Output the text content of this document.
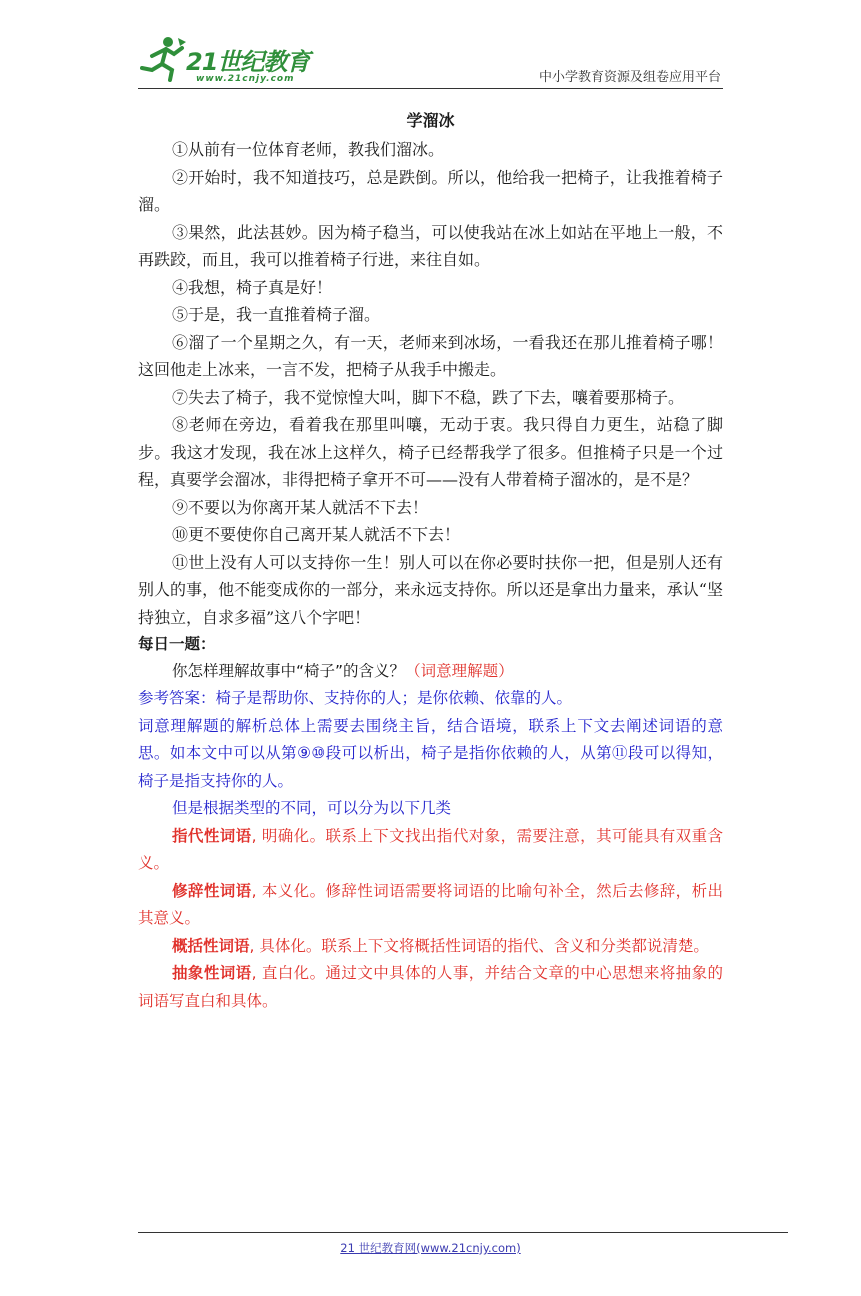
21世纪教育
www.21cnjy.com	中小学教育资源及组卷应用平台
学溜冰

①从前有一位体育老师，教我们溜冰。

②开始时，我不知道技巧，总是跌倒。所以，他给我一把椅子，让我推着椅子溜。

③果然，此法甚妙。因为椅子稳当，可以使我站在冰上如站在平地上一般，不再跌跤，而且，我可以推着椅子行进，来往自如。

④我想，椅子真是好！

⑤于是，我一直推着椅子溜。

⑥溜了一个星期之久，有一天，老师来到冰场，一看我还在那儿推着椅子哪！这回他走上冰来，一言不发，把椅子从我手中搬走。

⑦失去了椅子，我不觉惊惶大叫，脚下不稳，跌了下去，嚷着要那椅子。

⑧老师在旁边，看着我在那里叫嚷，无动于衷。我只得自力更生，站稳了脚步。我这才发现，我在冰上这样久，椅子已经帮我学了很多。但推椅子只是一个过程，真要学会溜冰，非得把椅子拿开不可——没有人带着椅子溜冰的，是不是？

⑨不要以为你离开某人就活不下去！

⑩更不要使你自己离开某人就活不下去！

⑪世上没有人可以支持你一生！别人可以在你必要时扶你一把，但是别人还有别人的事，他不能变成你的一部分，来永远支持你。所以还是拿出力量来，承认“坚持独立，自求多福”这八个字吧！

每日一题：

你怎样理解故事中“椅子”的含义？（词意理解题）

参考答案：椅子是帮助你、支持你的人；是你依赖、依靠的人。

词意理解题的解析总体上需要去围绕主旨，结合语境，联系上下文去阐述词语的意思。如本文中可以从第⑨⑩段可以析出，椅子是指你依赖的人，从第⑪段可以得知，椅子是指支持你的人。

但是根据类型的不同，可以分为以下几类

指代性词语, 明确化。联系上下文找出指代对象，需要注意，其可能具有双重含义。

修辞性词语, 本义化。修辞性词语需要将词语的比喻句补全，然后去修辞，析出其意义。

概括性词语, 具体化。联系上下文将概括性词语的指代、含义和分类都说清楚。

抽象性词语, 直白化。通过文中具体的人事，并结合文章的中心思想来将抽象的词语写直白和具体。

21 世纪教育网(www.21cnjy.com)
